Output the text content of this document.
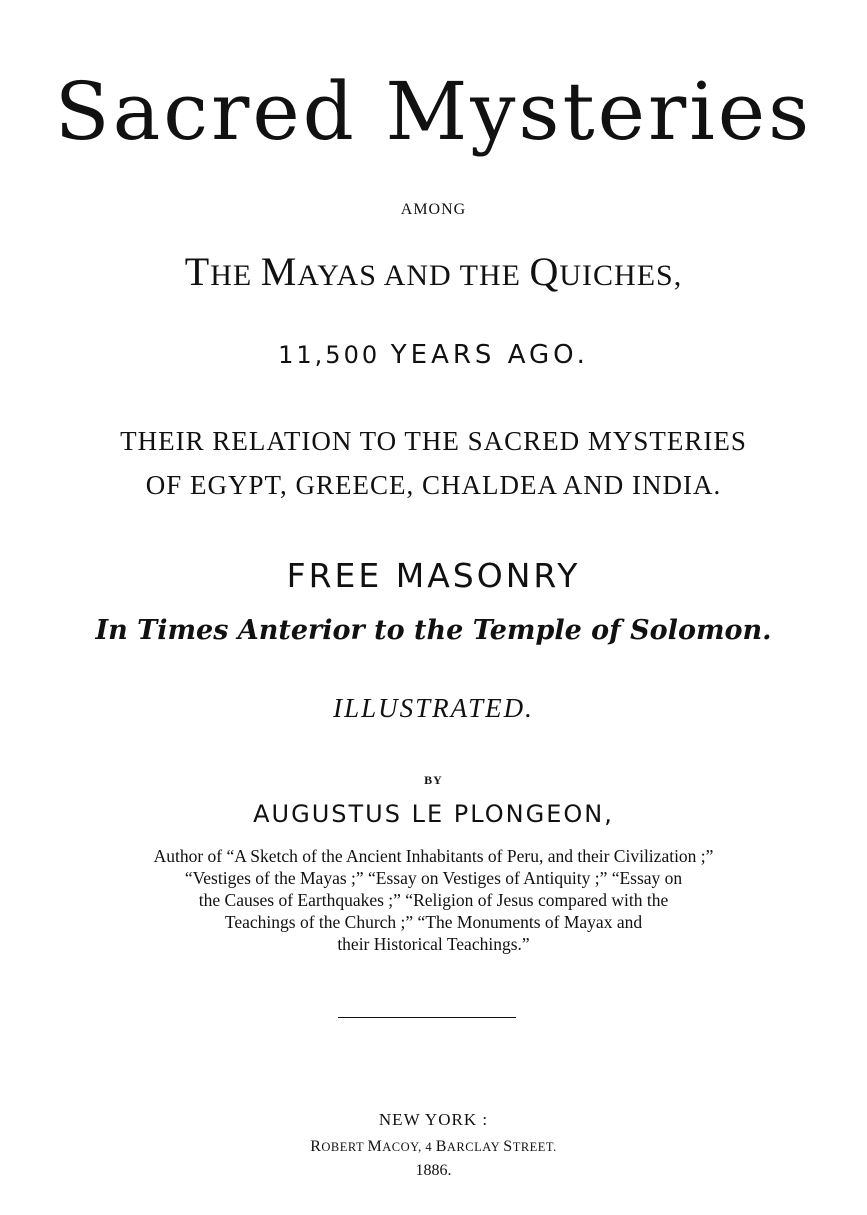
Sacred Mysteries
AMONG
THE MAYAS AND THE QUICHES,
11,500 YEARS AGO.
THEIR RELATION TO THE SACRED MYSTERIES
OF EGYPT, GREECE, CHALDEA AND INDIA.
FREE MASONRY
In Times Anterior to the Temple of Solomon.
ILLUSTRATED.
BY
AUGUSTUS LE PLONGEON,
Author of “A Sketch of the Ancient Inhabitants of Peru, and their Civilization ;”
“Vestiges of the Mayas ;” “Essay on Vestiges of Antiquity ;” “Essay on
the Causes of Earthquakes ;” “Religion of Jesus compared with the
Teachings of the Church ;” “The Monuments of Mayax and
their Historical Teachings.”
NEW YORK :
ROBERT MACOY, 4 BARCLAY STREET.
1886.
